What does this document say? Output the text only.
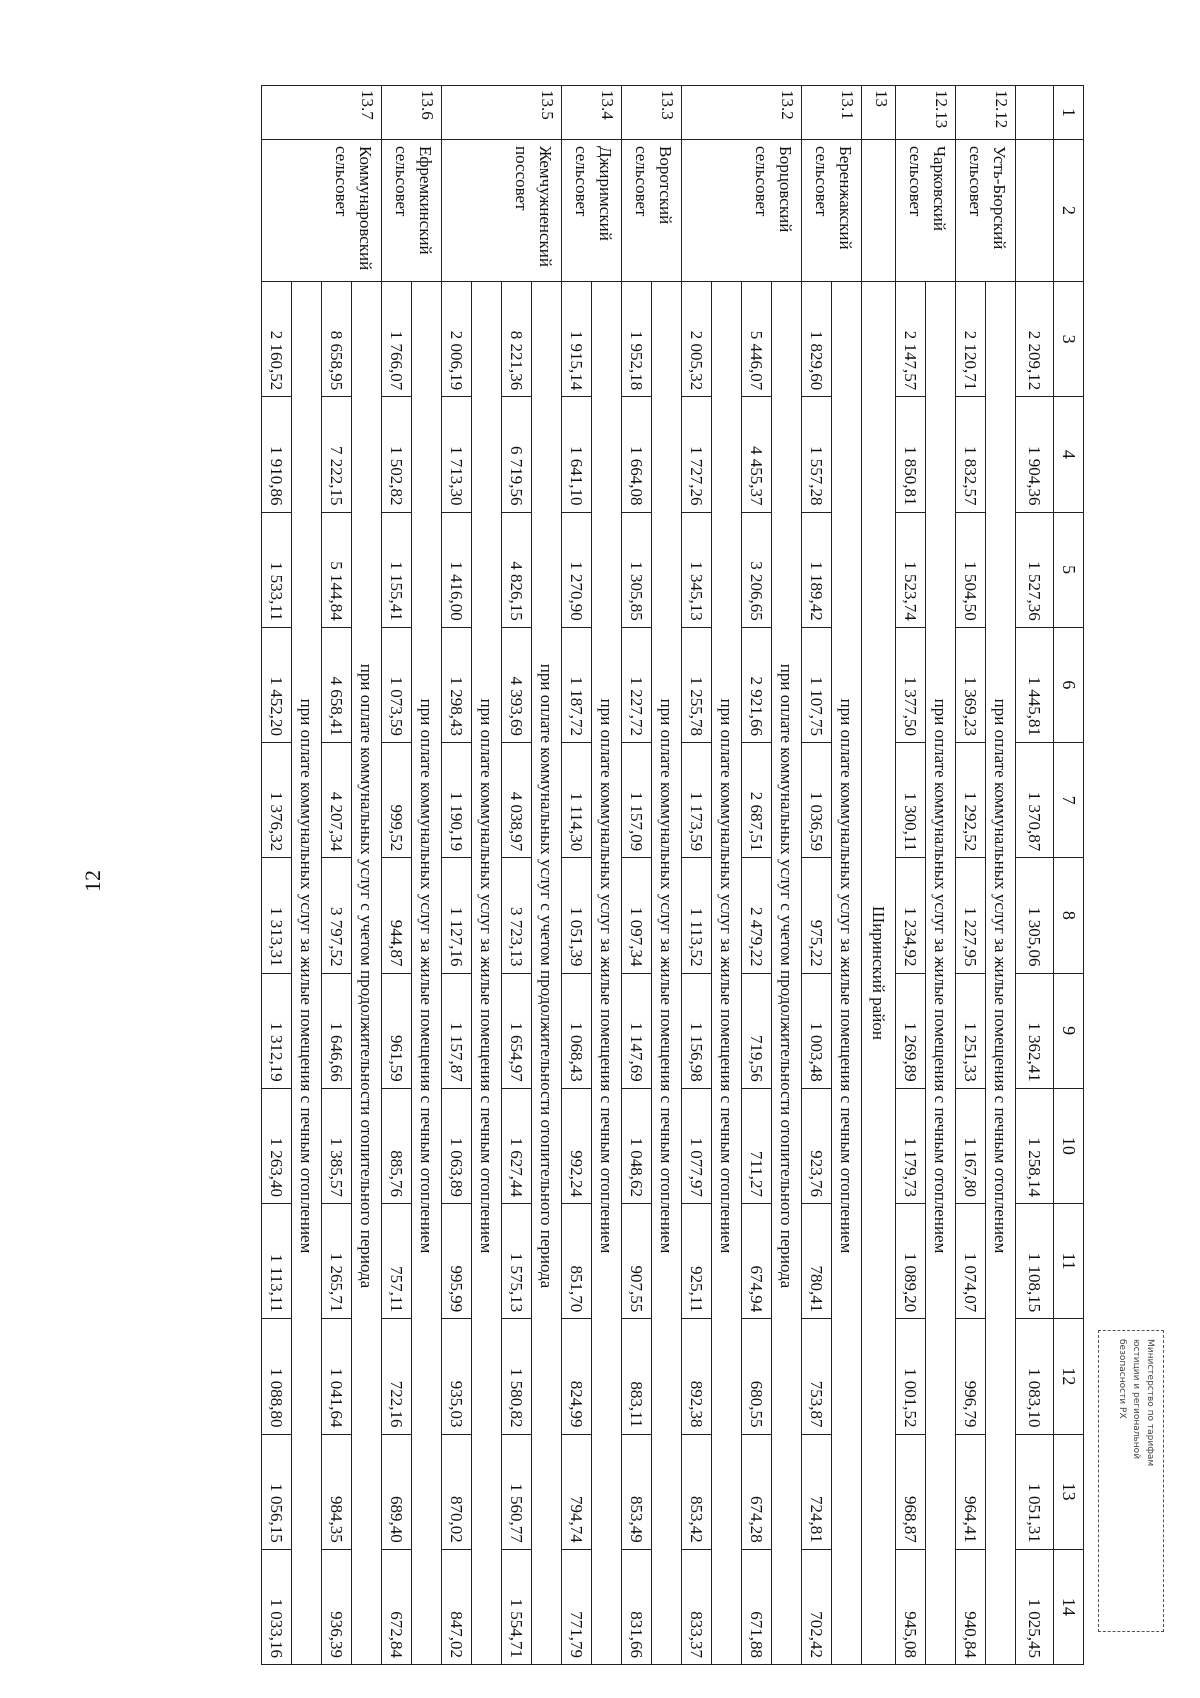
12
1	2	3	4	5	6	7	8	9	10	11	12	13	14
		2 209,12	1 904,36	1 527,36	1 445,81	1 370,87	1 305,06	1 362,41	1 258,14	1 108,15	1 083,10	1 051,31	1 025,45
12.12	Усть-Бюрский сельсовет	при оплате коммунальных услуг за жилые помещения с печным отоплением											
		2 120,71	1 832,57	1 504,50	1 369,23	1 292,52	1 227,95	1 251,33	1 167,80	1 074,07	996,79	964,41	940,84
12.13	Чарковский сельсовет	при оплате коммунальных услуг за жилые помещения с печным отоплением											
		2 147,57	1 850,81	1 523,74	1 377,50	1 300,11	1 234,92	1 269,89	1 179,73	1 089,20	1 001,52	968,87	945,08
13		Ширинский район											
13.1	Беренжакский сельсовет	при оплате коммунальных услуг за жилые помещения с печным отоплением											
		1 829,60	1 557,28	1 189,42	1 107,75	1 036,59	975,22	1 003,48	923,76	780,41	753,87	724,81	702,42
13.2	Борцовский сельсовет	при оплате коммунальных услуг с учетом продолжительности отопительного периода											
		5 446,07	4 455,37	3 206,65	2 921,66	2 687,51	2 479,22	719,56	711,27	674,94	680,55	674,28	671,88
		при оплате коммунальных услуг за жилые помещения с печным отоплением											
		2 005,32	1 727,26	1 345,13	1 255,78	1 173,59	1 113,52	1 156,98	1 077,97	925,11	892,38	853,42	833,37
13.3	Воротский сельсовет	при оплате коммунальных услуг за жилые помещения с печным отоплением											
		1 952,18	1 664,08	1 305,85	1 227,72	1 157,09	1 097,34	1 147,69	1 048,62	907,55	883,11	853,49	831,66
13.4	Джиримский сельсовет	при оплате коммунальных услуг за жилые помещения с печным отоплением											
		1 915,14	1 641,10	1 270,90	1 187,72	1 114,30	1 051,39	1 068,43	992,24	851,70	824,99	794,74	771,79
13.5	Жемчужненский поссовет	при оплате коммунальных услуг с учетом продолжительности отопительного периода											
		8 221,36	6 719,56	4 826,15	4 393,69	4 038,97	3 723,13	1 654,97	1 627,44	1 575,13	1 580,82	1 560,77	1 554,71
		при оплате коммунальных услуг за жилые помещения с печным отоплением											
		2 006,19	1 713,30	1 416,00	1 298,43	1 190,19	1 127,16	1 157,87	1 063,89	995,99	935,03	870,02	847,02
13.6	Ефремкинский сельсовет	при оплате коммунальных услуг за жилые помещения с печным отоплением											
		1 766,07	1 502,82	1 155,41	1 073,59	999,52	944,87	961,59	885,76	757,11	722,16	689,40	672,84
13.7	Коммунаровский сельсовет	при оплате коммунальных услуг с учетом продолжительности отопительного периода											
		8 658,95	7 222,15	5 144,84	4 658,41	4 207,34	3 797,52	1 646,66	1 385,57	1 265,71	1 041,64	984,35	936,39
		при оплате коммунальных услуг за жилые помещения с печным отоплением											
		2 160,52	1 910,86	1 533,11	1 452,20	1 376,32	1 313,31	1 312,19	1 263,40	1 113,11	1 088,80	1 056,15	1 033,16
Министерство по тарифам
юстиции и региональной
безопасности РХ
